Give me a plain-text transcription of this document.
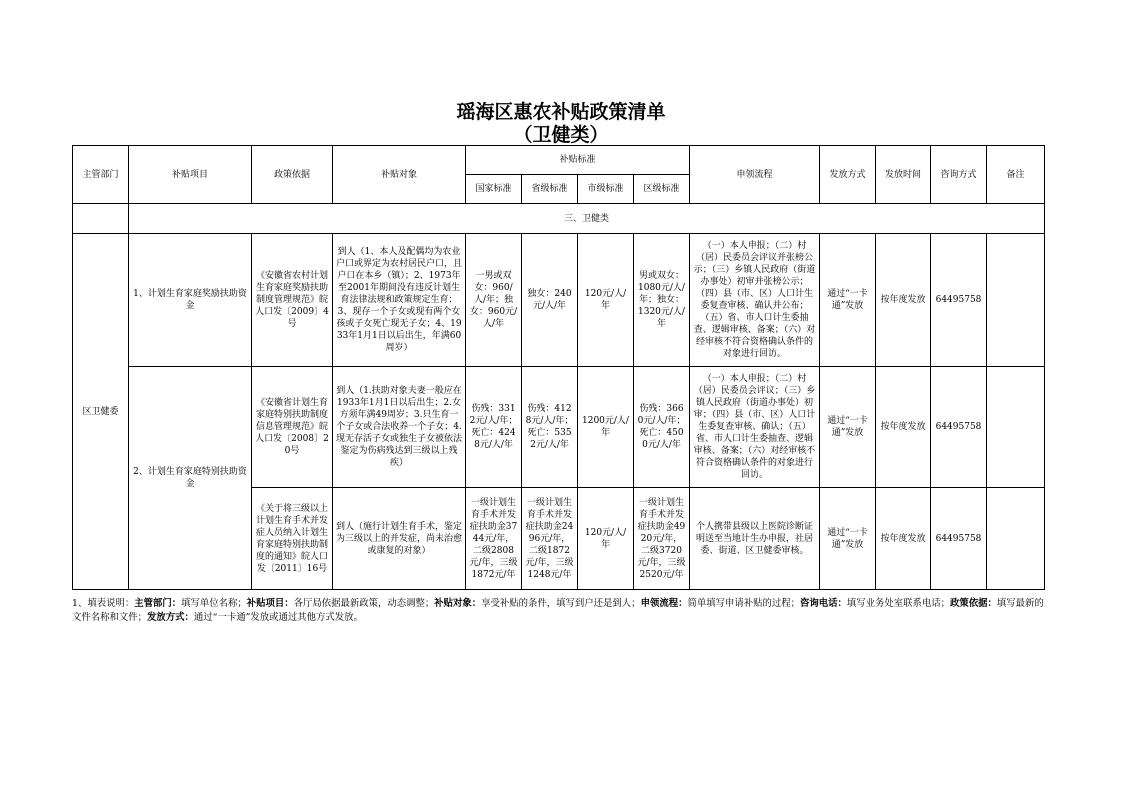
瑶海区惠农补贴政策清单
（卫健类）
主管部门	补贴项目	政策依据	补贴对象	补贴标准				申领流程	发放方式	发放时间	咨询方式	备注
				国家标准	省级标准	市级标准	区级标准					
	三、卫健类											
区卫健委	1、计划生育家庭奖励扶助资金	《安徽省农村计划生育家庭奖励扶助制度管理规范》皖人口发〔2009〕4号	到人（1、本人及配偶均为农业户口或界定为农村居民户口，且户口在本乡（镇）；2、1973年至2001年期间没有违反计划生育法律法规和政策规定生育；3、现存一个子女或现有两个女孩或子女死亡现无子女；4、1933年1月1日以后出生，年满60周岁）	一男或双女：960/人/年；独女：960元/人/年	独女：240元/人/年	120元/人/年	男或双女：1080元/人/年；独女：1320元/人/年	（一）本人申报；（二）村（居）民委员会评议并张榜公示；（三）乡镇人民政府（街道办事处）初审并张榜公示；（四）县（市、区）人口计生委复查审核、确认并公布；（五）省、市人口计生委抽查、逻辑审核、备案；（六）对经审核不符合资格确认条件的对象进行回访。	通过“一卡通”发放	按年度发放	64495758	
	2、计划生育家庭特别扶助资金	《安徽省计划生育家庭特别扶助制度信息管理规范》皖人口发〔2008〕20号	到人（1.扶助对象夫妻一般应在1933年1月1日以后出生；2.女方须年满49周岁；3.只生育一个子女或合法收养一个子女；4.现无存活子女或独生子女被依法鉴定为伤病残达到三级以上残疾）	伤残：3312元/人/年；死亡：4248元/人/年	伤残：4128元/人/年；死亡：5352元/人/年	1200元/人/年	伤残：3660元/人/年；死亡：4500元/人/年	（一）本人申报；（二）村（居）民委员会评议；（三）乡镇人民政府（街道办事处）初审；（四）县（市、区）人口计生委复查审核、确认；（五）省、市人口计生委抽查、逻辑审核、备案；（六）对经审核不符合资格确认条件的对象进行回访。	通过“一卡通”发放	按年度发放	64495758	
		《关于将三级以上计划生育手术并发症人员纳入计划生育家庭特别扶助制度的通知》皖人口发〔2011〕16号	到人（施行计划生育手术，鉴定为三级以上的并发症，尚未治愈或康复的对象）	一级计划生育手术并发症扶助金3744元/年，二级2808元/年，三级1872元/年	一级计划生育手术并发症扶助金2496元/年，二级1872元/年，三级1248元/年	120元/人/年	一级计划生育手术并发症扶助金4920元/年，二级3720元/年，三级2520元/年	个人携带县级以上医院诊断证明送至当地计生办申报，社居委、街道、区卫健委审核。	通过“一卡通”发放	按年度发放	64495758	
1、填表说明：主管部门：填写单位名称；补贴项目：各厅局依据最新政策，动态调整；补贴对象：享受补贴的条件，填写到户还是到人；申领流程：简单填写申请补贴的过程；咨询电话：填写业务处室联系电话；政策依据：填写最新的文件名称和文件；发放方式：通过“一卡通”发放或通过其他方式发放。
